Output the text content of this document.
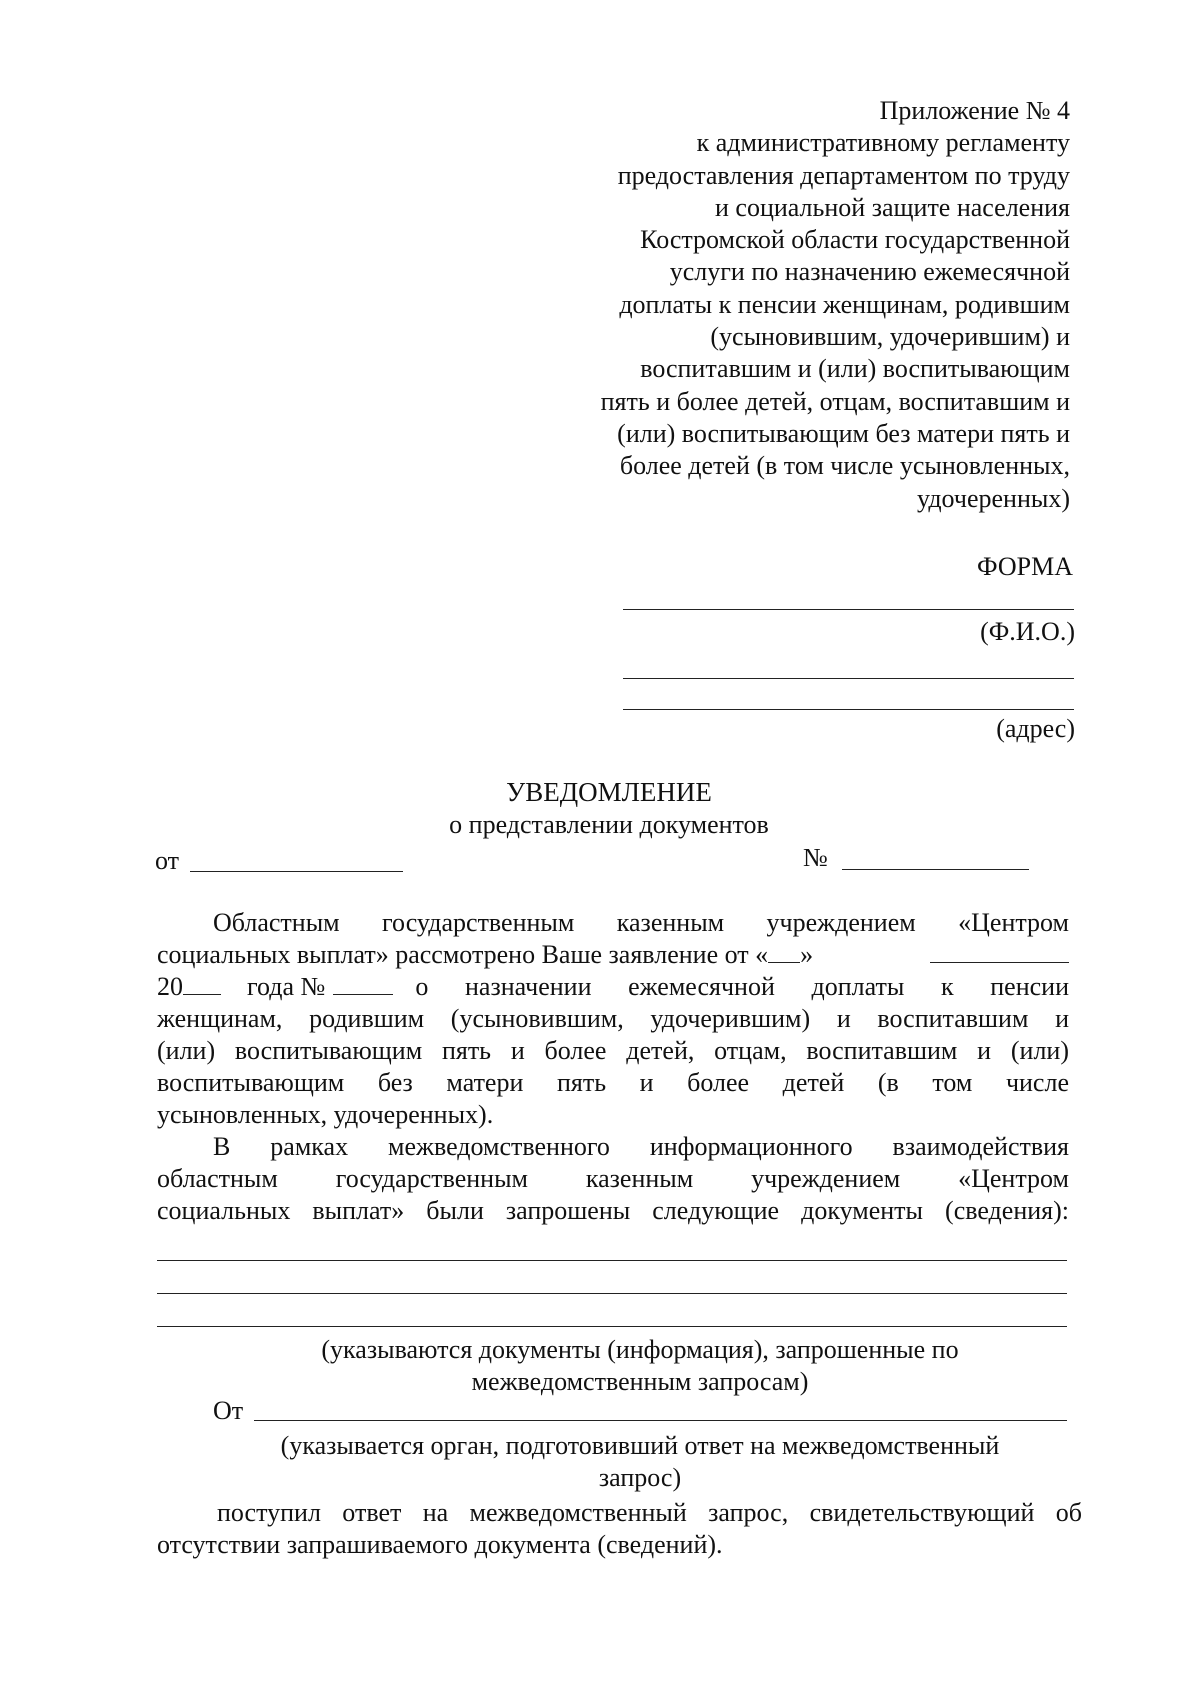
Приложение № 4
к административному регламенту
предоставления департаментом по труду
и социальной защите населения
Костромской области государственной
услуги по назначению ежемесячной
доплаты к пенсии женщинам, родившим
(усыновившим, удочерившим) и
воспитавшим и (или) воспитывающим
пять и более детей, отцам, воспитавшим и
(или) воспитывающим без матери пять и
более детей (в том числе усыновленных,
удочеренных)
ФОРМА
(Ф.И.О.)
(адрес)
УВЕДОМЛЕНИЕ
о представлении документов
от	№
Областным государственным казенным учреждением «Центром
социальных выплат» рассмотрено Ваше заявление от « »
20 года №	о назначении ежемесячной доплаты к пенсии
женщинам, родившим (усыновившим, удочерившим) и воспитавшим и
(или) воспитывающим пять и более детей, отцам, воспитавшим и (или)
воспитывающим без матери пять и более детей (в том числе
усыновленных, удочеренных).
В рамках межведомственного информационного взаимодействия
областным государственным казенным учреждением «Центром
социальных выплат» были запрошены следующие документы (сведения):
(указываются документы (информация), запрошенные по
межведомственным запросам)
От
(указывается орган, подготовивший ответ на межведомственный
запрос)
поступил ответ на межведомственный запрос, свидетельствующий об
отсутствии запрашиваемого документа (сведений).
